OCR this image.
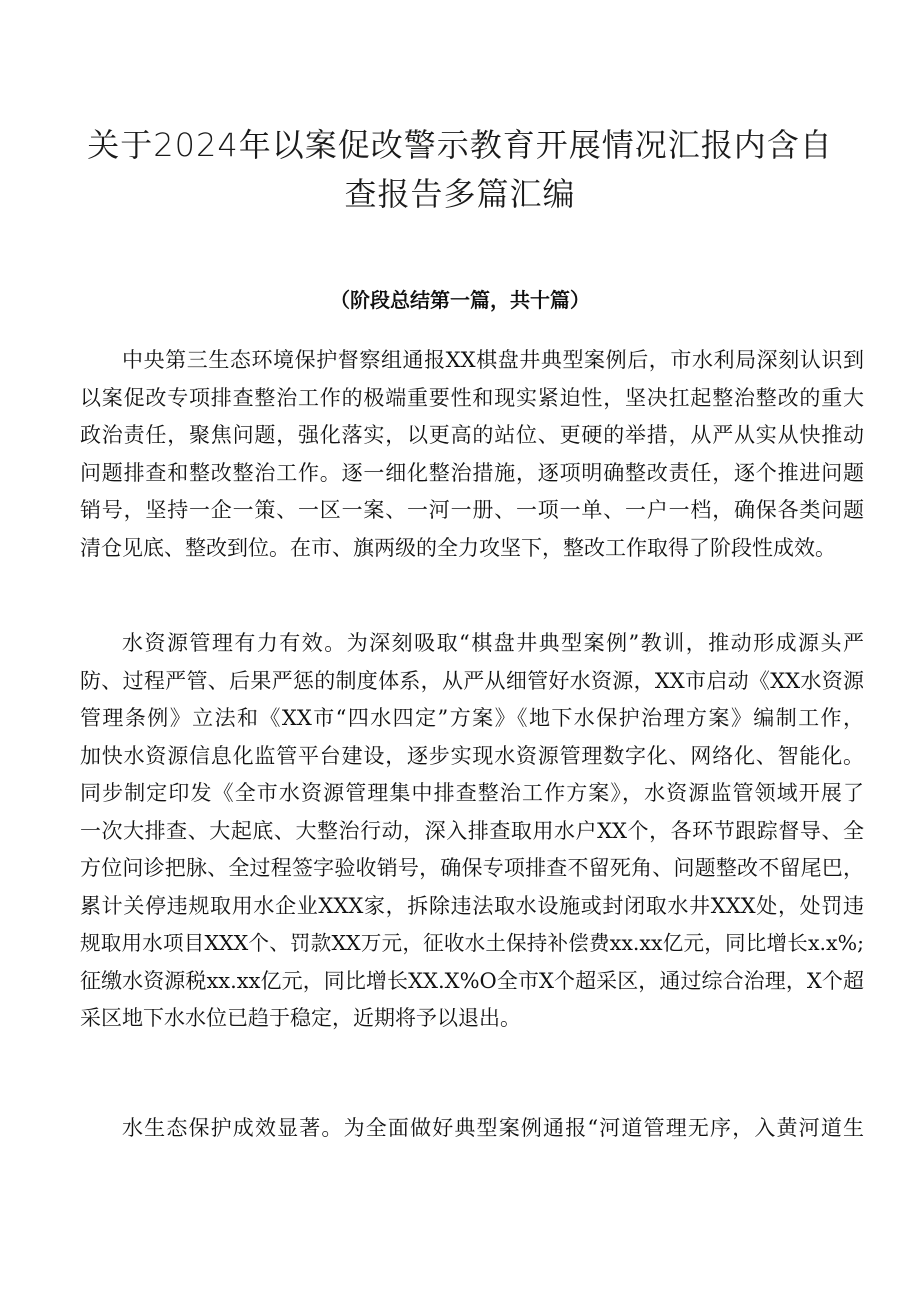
关于2024年以案促改警示教育开展情况汇报内含自
查报告多篇汇编
（阶段总结第一篇，共十篇）
中央第三生态环境保护督察组通报XX棋盘井典型案例后，市水利局深刻认识到
以案促改专项排查整治工作的极端重要性和现实紧迫性，坚决扛起整治整改的重大
政治责任，聚焦问题，强化落实，以更高的站位、更硬的举措，从严从实从快推动
问题排查和整改整治工作。逐一细化整治措施，逐项明确整改责任，逐个推进问题
销号，坚持一企一策、一区一案、一河一册、一项一单、一户一档，确保各类问题
清仓见底、整改到位。在市、旗两级的全力攻坚下，整改工作取得了阶段性成效。
水资源管理有力有效。为深刻吸取“棋盘井典型案例”教训，推动形成源头严
防、过程严管、后果严惩的制度体系，从严从细管好水资源，XX市启动《XX水资源
管理条例》立法和《XX市“四水四定”方案》《地下水保护治理方案》编制工作，
加快水资源信息化监管平台建设，逐步实现水资源管理数字化、网络化、智能化。
同步制定印发《全市水资源管理集中排查整治工作方案》，水资源监管领域开展了
一次大排查、大起底、大整治行动，深入排查取用水户XX个，各环节跟踪督导、全
方位问诊把脉、全过程签字验收销号，确保专项排查不留死角、问题整改不留尾巴，
累计关停违规取用水企业XXX家，拆除违法取水设施或封闭取水井XXX处，处罚违
规取用水项目XXX个、罚款XX万元，征收水土保持补偿费xx.xx亿元，同比增长x.x%;
征缴水资源税xx.xx亿元，同比增长XX.X%O全市X个超采区，通过综合治理，X个超
采区地下水水位已趋于稳定，近期将予以退出。
水生态保护成效显著。为全面做好典型案例通报“河道管理无序，入黄河道生
